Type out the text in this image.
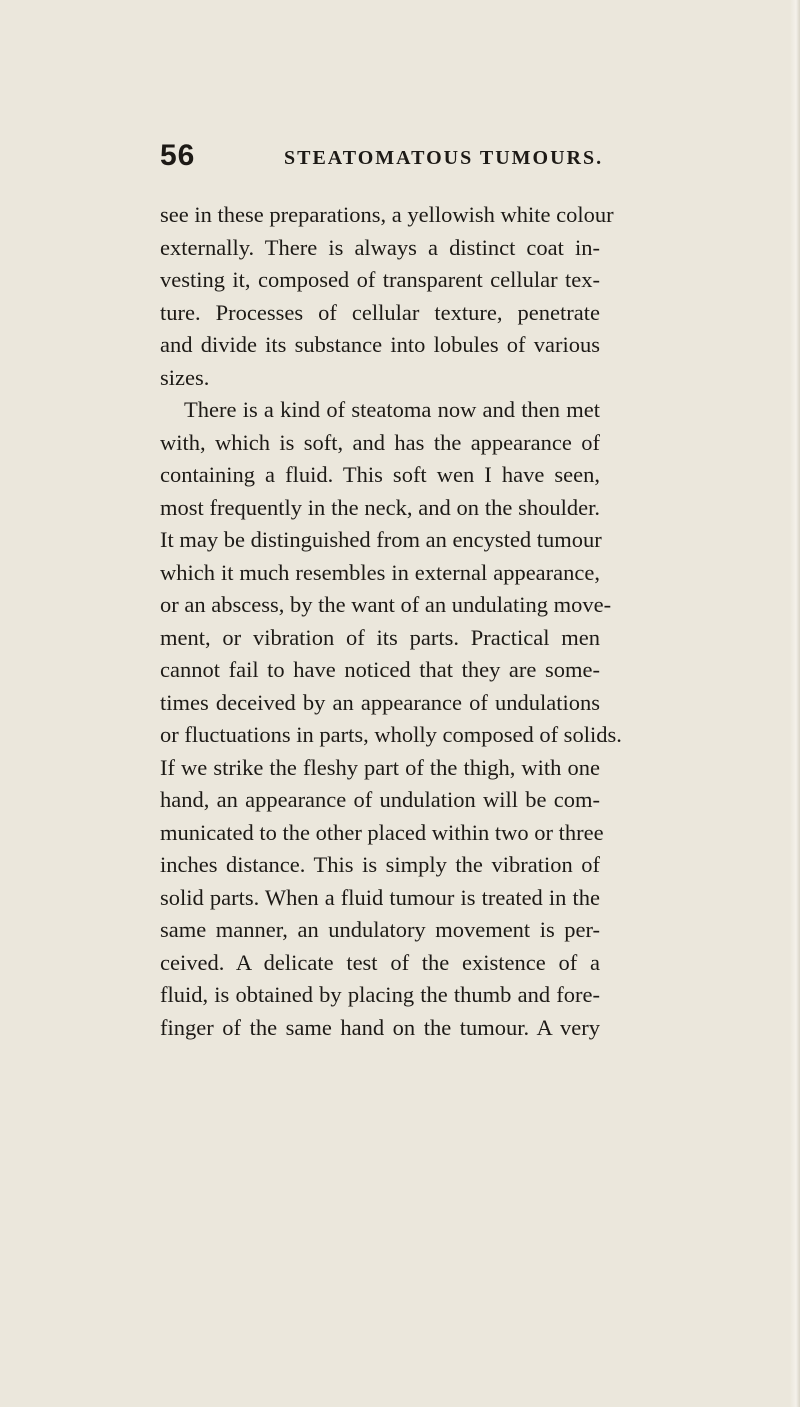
56	STEATOMATOUS TUMOURS.
see in these preparations, a yellowish white colour
externally. There is always a distinct coat in-
vesting it, composed of transparent cellular tex-
ture. Processes of cellular texture, penetrate
and divide its substance into lobules of various
sizes.
There is a kind of steatoma now and then met
with, which is soft, and has the appearance of
containing a fluid. This soft wen I have seen,
most frequently in the neck, and on the shoulder.
It may be distinguished from an encysted tumour
which it much resembles in external appearance,
or an abscess, by the want of an undulating move-
ment, or vibration of its parts. Practical men
cannot fail to have noticed that they are some-
times deceived by an appearance of undulations
or fluctuations in parts, wholly composed of solids.
If we strike the fleshy part of the thigh, with one
hand, an appearance of undulation will be com-
municated to the other placed within two or three
inches distance. This is simply the vibration of
solid parts. When a fluid tumour is treated in the
same manner, an undulatory movement is per-
ceived. A delicate test of the existence of a
fluid, is obtained by placing the thumb and fore-
finger of the same hand on the tumour. A very
